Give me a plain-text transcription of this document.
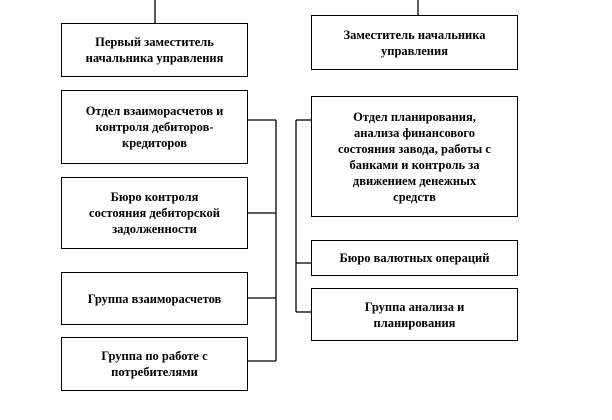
Первый заместитель
начальника управления
Отдел взаиморасчетов и
контроля дебиторов-
кредиторов
Бюро контроля
состояния дебиторской
задолженности
Группа взаиморасчетов
Группа по работе с
потребителями
Заместитель начальника
управления
Отдел планирования,
анализа финансового
состояния завода, работы с
банками и контроль за
движением денежных
средств
Бюро валютных операций
Группа анализа и
планирования
